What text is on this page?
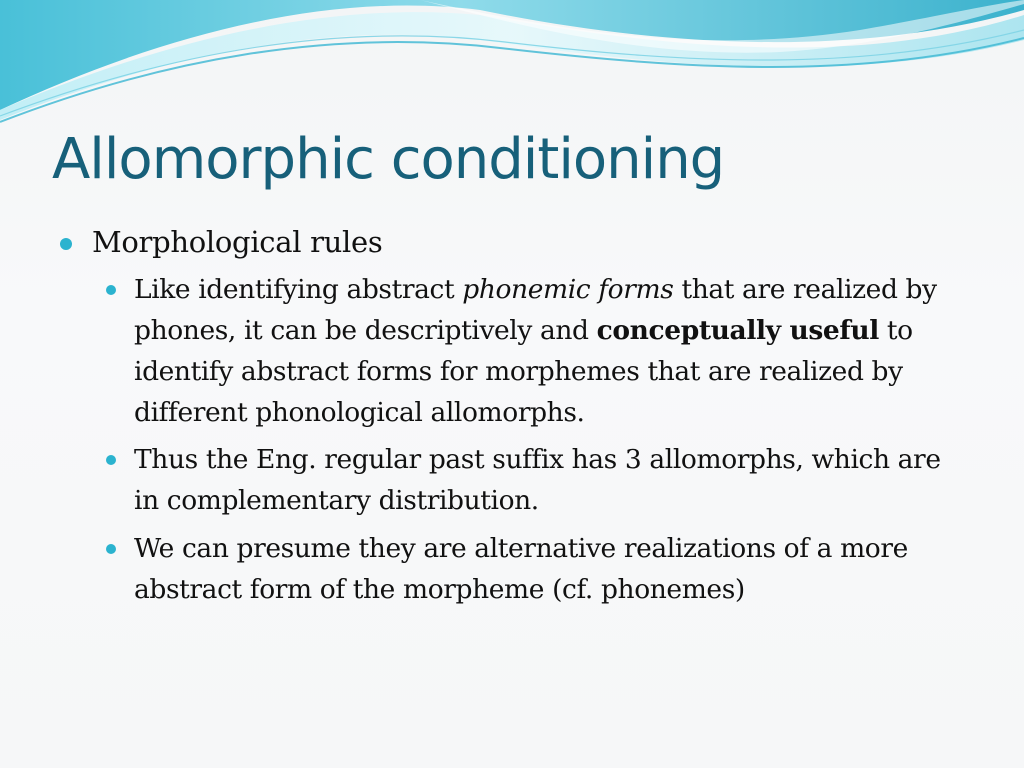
Allomorphic conditioning
Morphological rules
Like identifying abstract phonemic forms that are realized by phones, it can be descriptively and conceptually useful to identify abstract forms for morphemes that are realized by different phonological allomorphs.
Thus the Eng. regular past suffix has 3 allomorphs, which are in complementary distribution.
We can presume they are alternative realizations of a more abstract form of the morpheme (cf. phonemes)
